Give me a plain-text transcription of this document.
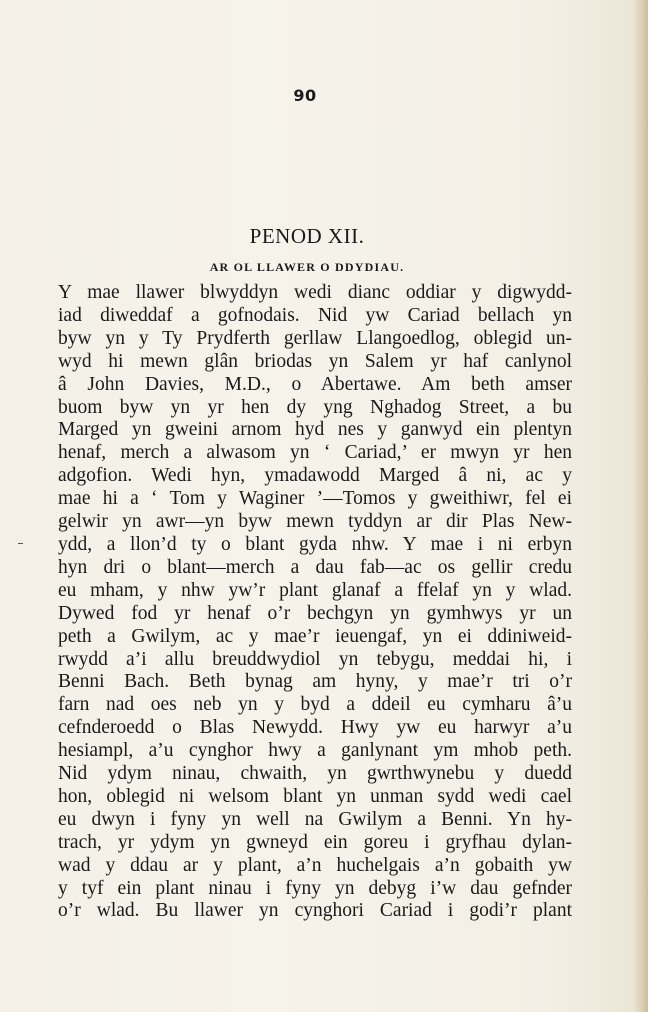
90
PENOD XII.
AR OL LLAWER O DDYDIAU.
Y mae llawer blwyddyn wedi dianc oddiar y digwydd-
iad diweddaf a gofnodais. Nid yw Cariad bellach yn
byw yn y Ty Prydferth gerllaw Llangoedlog, oblegid un-
wyd hi mewn glân briodas yn Salem yr haf canlynol
â John Davies, M.D., o Abertawe. Am beth amser
buom byw yn yr hen dy yng Nghadog Street, a bu
Marged yn gweini arnom hyd nes y ganwyd ein plentyn
henaf, merch a alwasom yn ‘ Cariad,’ er mwyn yr hen
adgofion. Wedi hyn, ymadawodd Marged â ni, ac y
mae hi a ‘ Tom y Waginer ’—Tomos y gweithiwr, fel ei
gelwir yn awr—yn byw mewn tyddyn ar dir Plas New-
ydd, a llon’d ty o blant gyda nhw. Y mae i ni erbyn
hyn dri o blant—merch a dau fab—ac os gellir credu
eu mham, y nhw yw’r plant glanaf a ffelaf yn y wlad.
Dywed fod yr henaf o’r bechgyn yn gymhwys yr un
peth a Gwilym, ac y mae’r ieuengaf, yn ei ddiniweid-
rwydd a’i allu breuddwydiol yn tebygu, meddai hi, i
Benni Bach. Beth bynag am hyny, y mae’r tri o’r
farn nad oes neb yn y byd a ddeil eu cymharu â’u
cefnderoedd o Blas Newydd. Hwy yw eu harwyr a’u
hesiampl, a’u cynghor hwy a ganlynant ym mhob peth.
Nid ydym ninau, chwaith, yn gwrthwynebu y duedd
hon, oblegid ni welsom blant yn unman sydd wedi cael
eu dwyn i fyny yn well na Gwilym a Benni. Yn hy-
trach, yr ydym yn gwneyd ein goreu i gryfhau dylan-
wad y ddau ar y plant, a’n huchelgais a’n gobaith yw
y tyf ein plant ninau i fyny yn debyg i’w dau gefnder
o’r wlad. Bu llawer yn cynghori Cariad i godi’r plant
